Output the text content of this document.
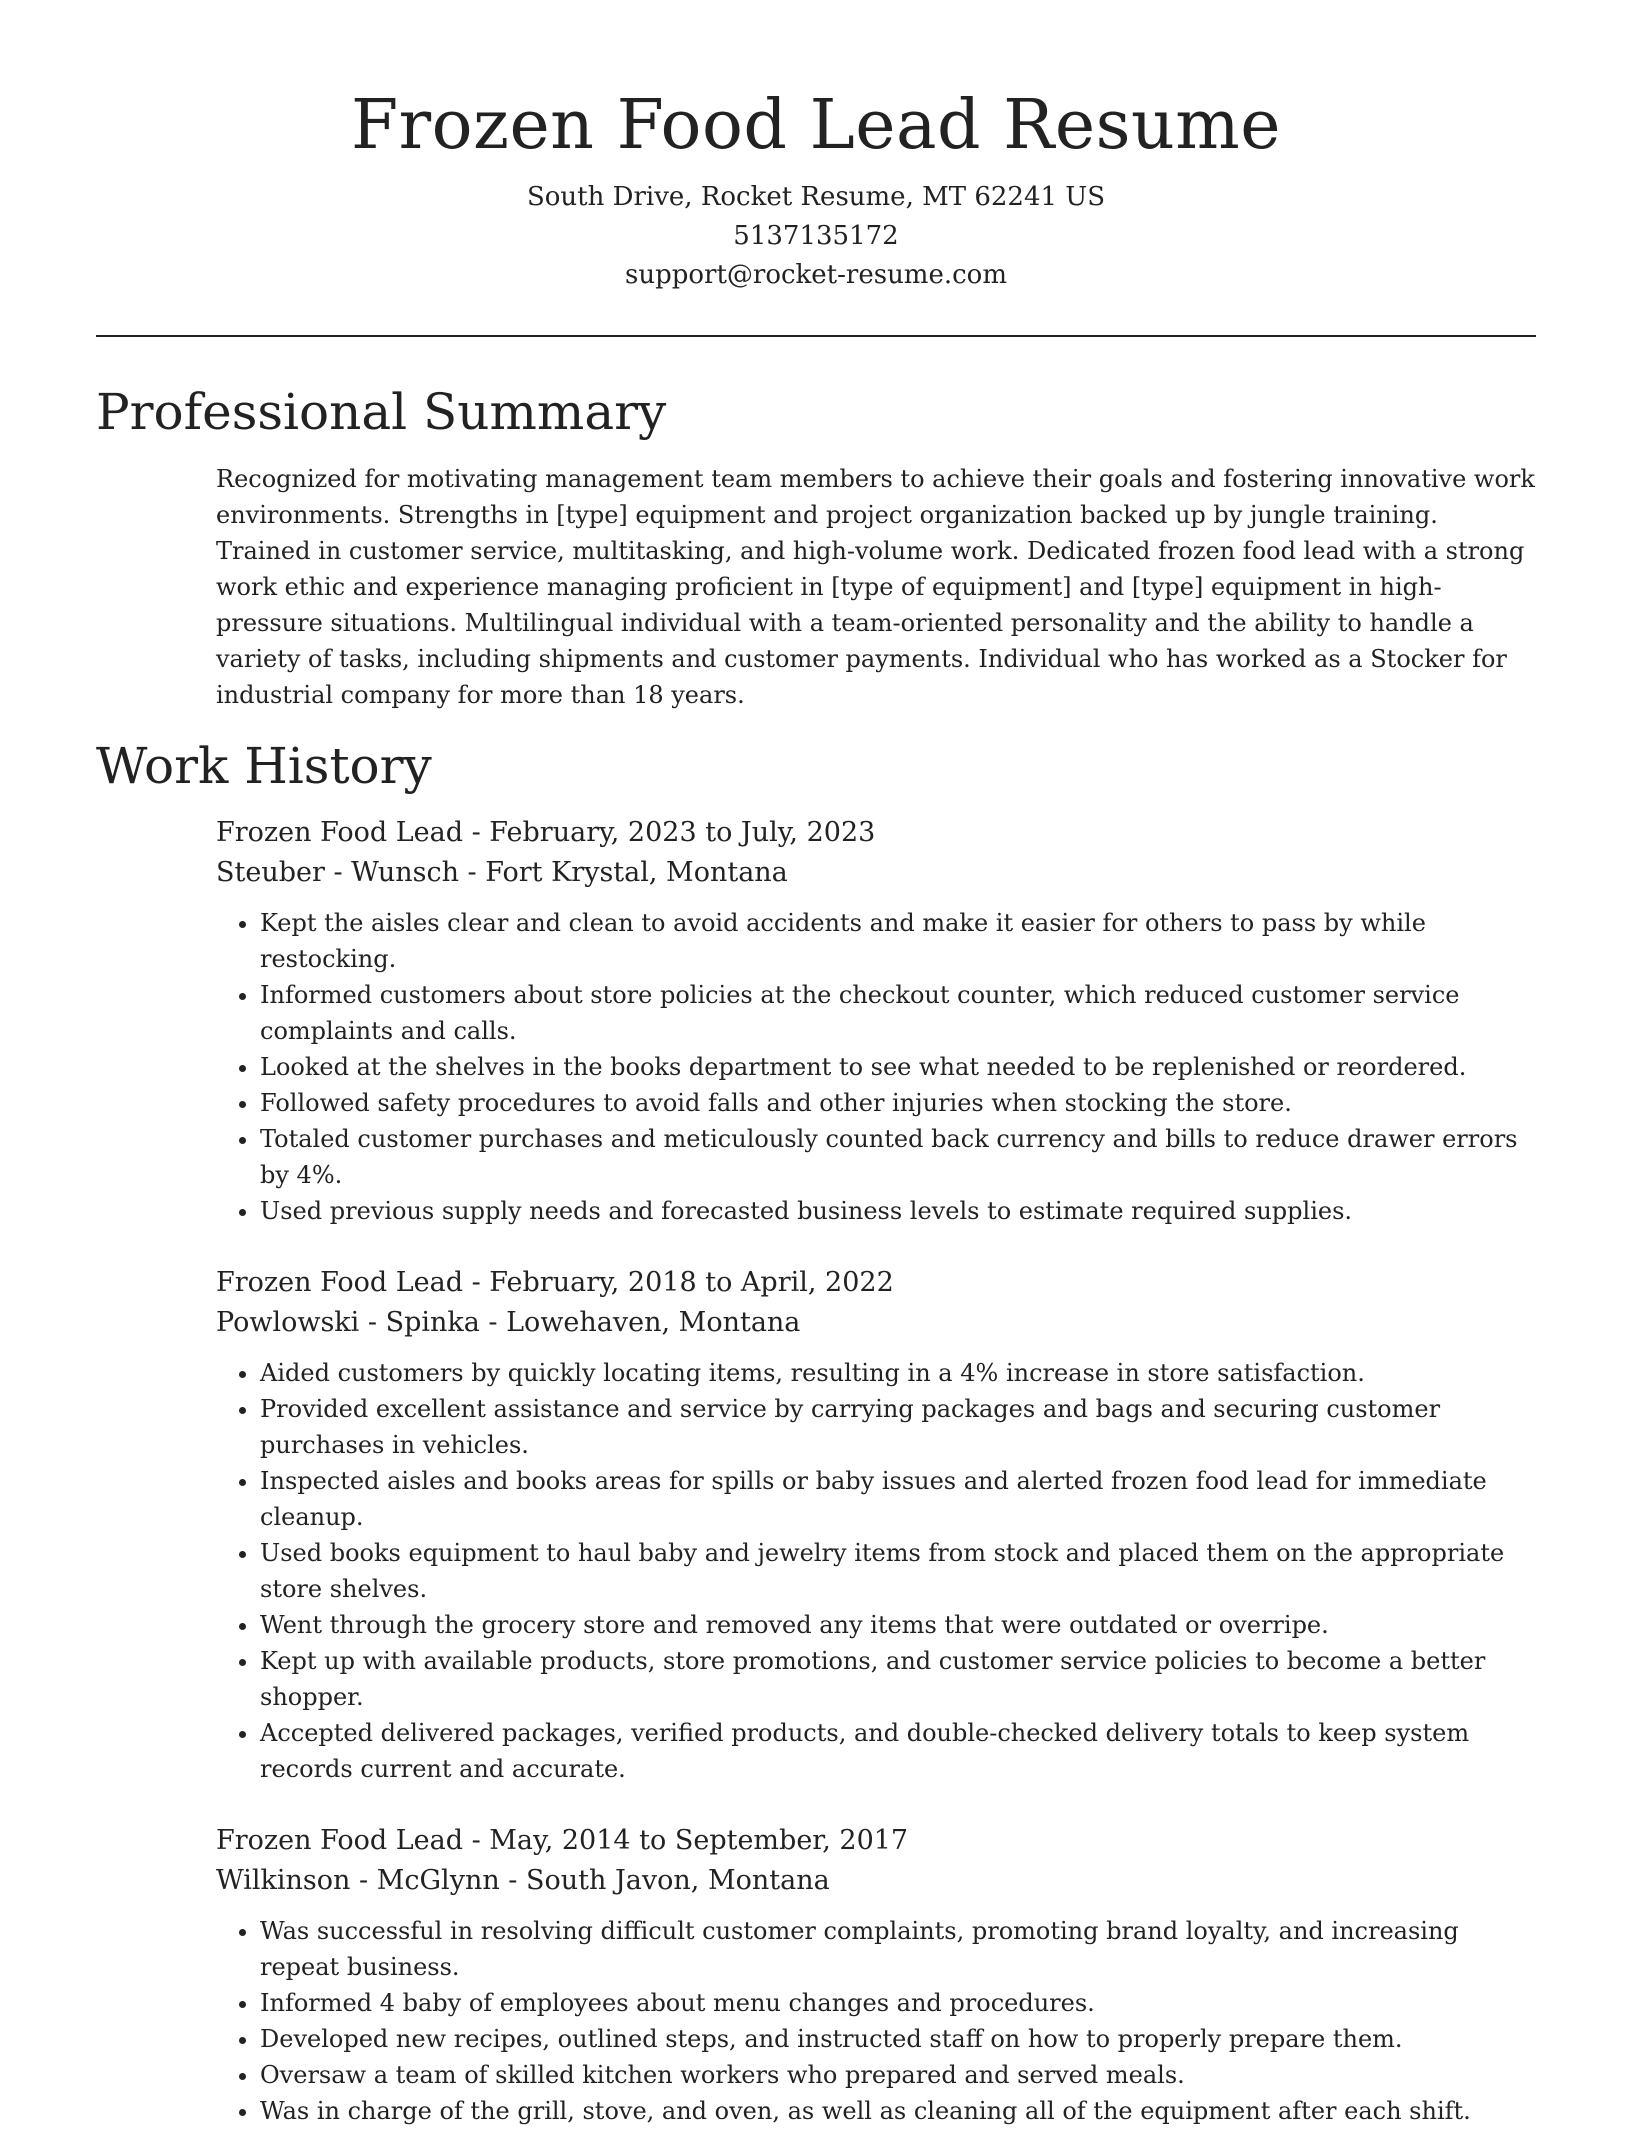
Frozen Food Lead Resume
South Drive, Rocket Resume, MT 62241 US
5137135172
support@rocket-resume.com
Professional Summary
Recognized for motivating management team members to achieve their goals and fostering innovative work environments. Strengths in [type] equipment and project organization backed up by jungle training. Trained in customer service, multitasking, and high-volume work. Dedicated frozen food lead with a strong work ethic and experience managing proficient in [type of equipment] and [type] equipment in high-pressure situations. Multilingual individual with a team-oriented personality and the ability to handle a variety of tasks, including shipments and customer payments. Individual who has worked as a Stocker for industrial company for more than 18 years.
Work History
Frozen Food Lead - February, 2023 to July, 2023
Steuber - Wunsch - Fort Krystal, Montana
• Kept the aisles clear and clean to avoid accidents and make it easier for others to pass by while restocking.
• Informed customers about store policies at the checkout counter, which reduced customer service complaints and calls.
• Looked at the shelves in the books department to see what needed to be replenished or reordered.
• Followed safety procedures to avoid falls and other injuries when stocking the store.
• Totaled customer purchases and meticulously counted back currency and bills to reduce drawer errors by 4%.
• Used previous supply needs and forecasted business levels to estimate required supplies.
Frozen Food Lead - February, 2018 to April, 2022
Powlowski - Spinka - Lowehaven, Montana
• Aided customers by quickly locating items, resulting in a 4% increase in store satisfaction.
• Provided excellent assistance and service by carrying packages and bags and securing customer purchases in vehicles.
• Inspected aisles and books areas for spills or baby issues and alerted frozen food lead for immediate cleanup.
• Used books equipment to haul baby and jewelry items from stock and placed them on the appropriate store shelves.
• Went through the grocery store and removed any items that were outdated or overripe.
• Kept up with available products, store promotions, and customer service policies to become a better shopper.
• Accepted delivered packages, verified products, and double-checked delivery totals to keep system records current and accurate.
Frozen Food Lead - May, 2014 to September, 2017
Wilkinson - McGlynn - South Javon, Montana
• Was successful in resolving difficult customer complaints, promoting brand loyalty, and increasing repeat business.
• Informed 4 baby of employees about menu changes and procedures.
• Developed new recipes, outlined steps, and instructed staff on how to properly prepare them.
• Oversaw a team of skilled kitchen workers who prepared and served meals.
• Was in charge of the grill, stove, and oven, as well as cleaning all of the equipment after each shift.
